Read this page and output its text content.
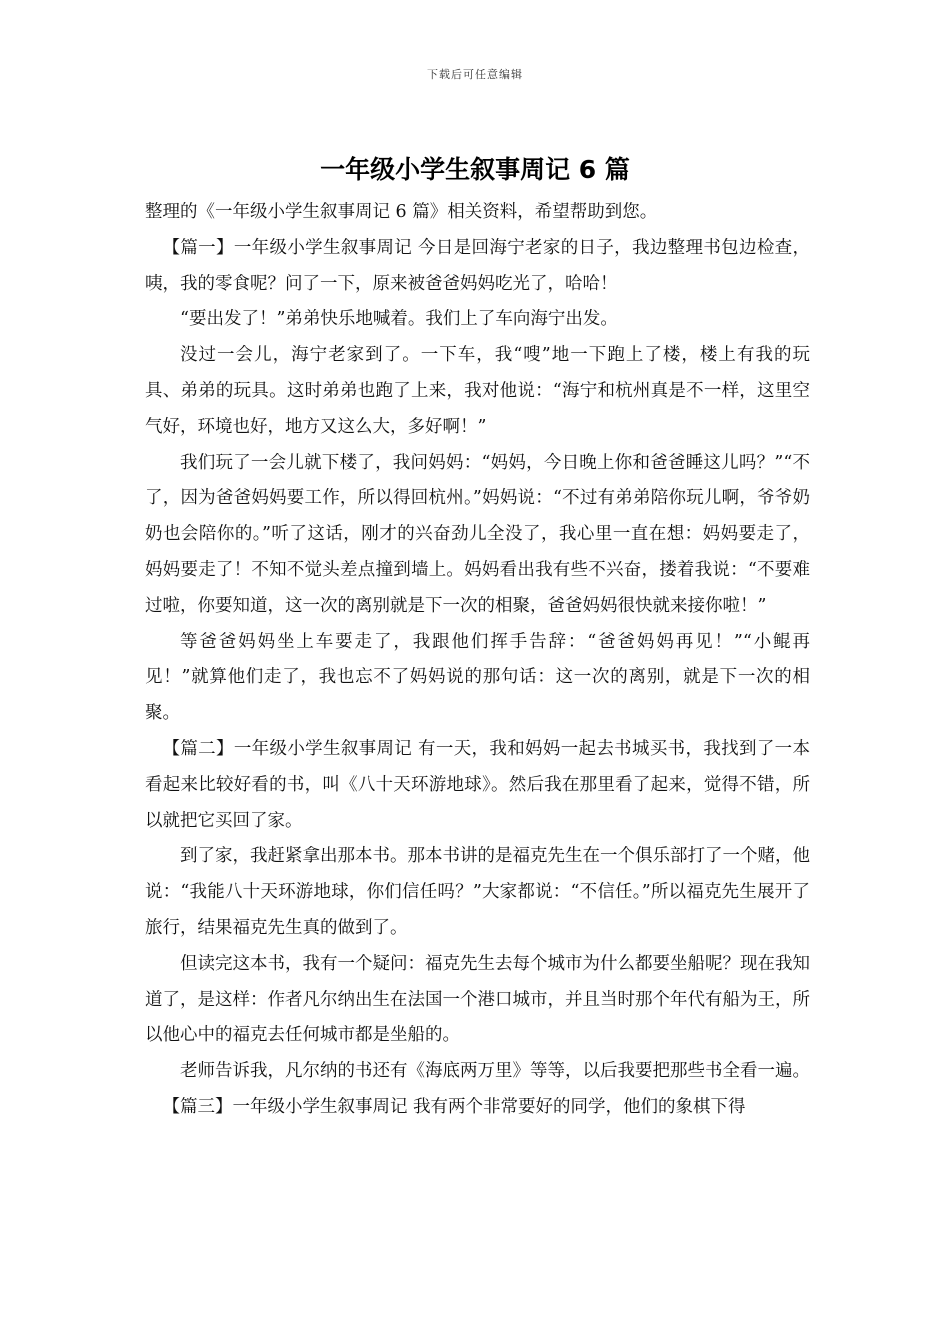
下载后可任意编辑
一年级小学生叙事周记 6 篇

整理的《一年级小学生叙事周记 6 篇》相关资料，希望帮助到您。

【篇一】一年级小学生叙事周记 今日是回海宁老家的日子，我边整理书包边检查，咦，我的零食呢？问了一下，原来被爸爸妈妈吃光了，哈哈！

“要出发了！”弟弟快乐地喊着。我们上了车向海宁出发。

没过一会儿，海宁老家到了。一下车，我“嗖”地一下跑上了楼，楼上有我的玩具、弟弟的玩具。这时弟弟也跑了上来，我对他说：“海宁和杭州真是不一样，这里空气好，环境也好，地方又这么大，多好啊！”

我们玩了一会儿就下楼了，我问妈妈：“妈妈，今日晚上你和爸爸睡这儿吗？”“不了，因为爸爸妈妈要工作，所以得回杭州。”妈妈说：“不过有弟弟陪你玩儿啊，爷爷奶奶也会陪你的。”听了这话，刚才的兴奋劲儿全没了，我心里一直在想：妈妈要走了，妈妈要走了！不知不觉头差点撞到墙上。妈妈看出我有些不兴奋，搂着我说：“不要难过啦，你要知道，这一次的离别就是下一次的相聚，爸爸妈妈很快就来接你啦！”

等爸爸妈妈坐上车要走了，我跟他们挥手告辞：“爸爸妈妈再见！”“小鲲再见！”就算他们走了，我也忘不了妈妈说的那句话：这一次的离别，就是下一次的相聚。

【篇二】一年级小学生叙事周记 有一天，我和妈妈一起去书城买书，我找到了一本看起来比较好看的书，叫《八十天环游地球》。然后我在那里看了起来，觉得不错，所以就把它买回了家。

到了家，我赶紧拿出那本书。那本书讲的是福克先生在一个俱乐部打了一个赌，他说：“我能八十天环游地球，你们信任吗？”大家都说：“不信任。”所以福克先生展开了旅行，结果福克先生真的做到了。

但读完这本书，我有一个疑问：福克先生去每个城市为什么都要坐船呢？现在我知道了，是这样：作者凡尔纳出生在法国一个港口城市，并且当时那个年代有船为王，所以他心中的福克去任何城市都是坐船的。

老师告诉我，凡尔纳的书还有《海底两万里》等等，以后我要把那些书全看一遍。

【篇三】一年级小学生叙事周记 我有两个非常要好的同学，他们的象棋下得
